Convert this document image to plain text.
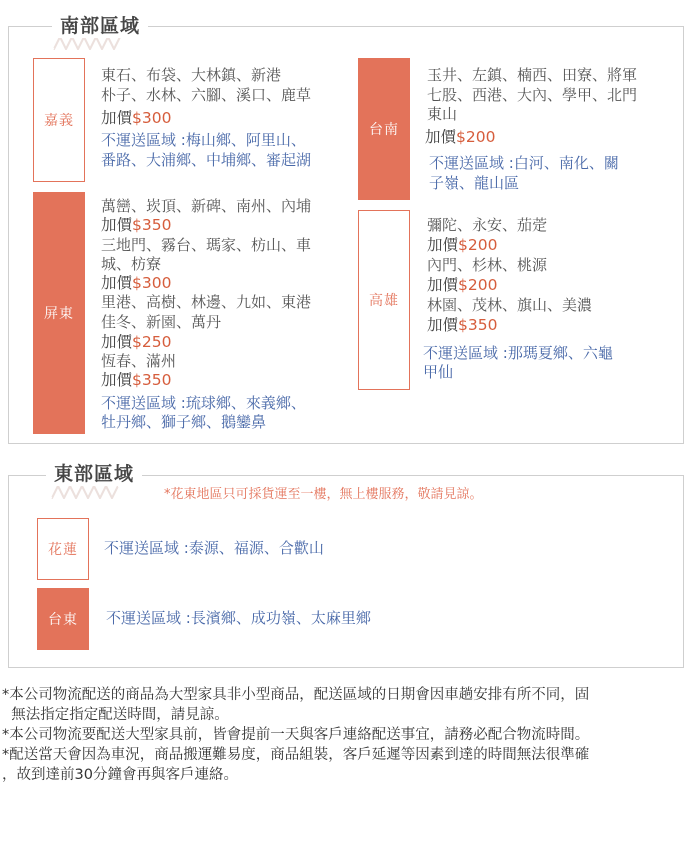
南部區域
嘉義
東石、布袋、大林鎮、新港
朴子、水林、六腳、溪口、鹿草
加價$300
不運送區域 :梅山鄉、阿里山、
番路、大浦鄉、中埔鄉、審起湖
屏東
萬巒、崁頂、新碑、南州、內埔
加價$350
三地門、霧台、瑪家、枋山、車
城、枋寮
加價$300
里港、高樹、林邊、九如、東港
佳冬、新園、萬丹
加價$250
恆春、滿州
加價$350
不運送區域 :琉球鄉、來義鄉、
牡丹鄉、獅子鄉、鵝鑾鼻
台南
玉井、左鎮、楠西、田寮、將軍
七股、西港、大內、學甲、北門
東山
加價$200
不運送區域 :白河、南化、關
子嶺、龍山區
高雄
彌陀、永安、茄萣
加價$200
內門、杉林、桃源
加價$200
林園、茂林、旗山、美濃
加價$350
不運送區域 :那瑪夏鄉、六龜
甲仙
東部區域
*花東地區只可採貨運至一樓，無上樓服務，敬請見諒。
花蓮	不運送區域 :泰源、福源、合歡山
台東	不運送區域 :長濱鄉、成功嶺、太麻里鄉
*本公司物流配送的商品為大型家具非小型商品，配送區域的日期會因車趟安排有所不同，固
無法指定指定配送時間，請見諒。
*本公司物流要配送大型家具前，皆會提前一天與客戶連絡配送事宜，請務必配合物流時間。
*配送當天會因為車況，商品搬運難易度，商品組裝，客戶延遲等因素到達的時間無法很準確
，故到達前30分鐘會再與客戶連絡。
